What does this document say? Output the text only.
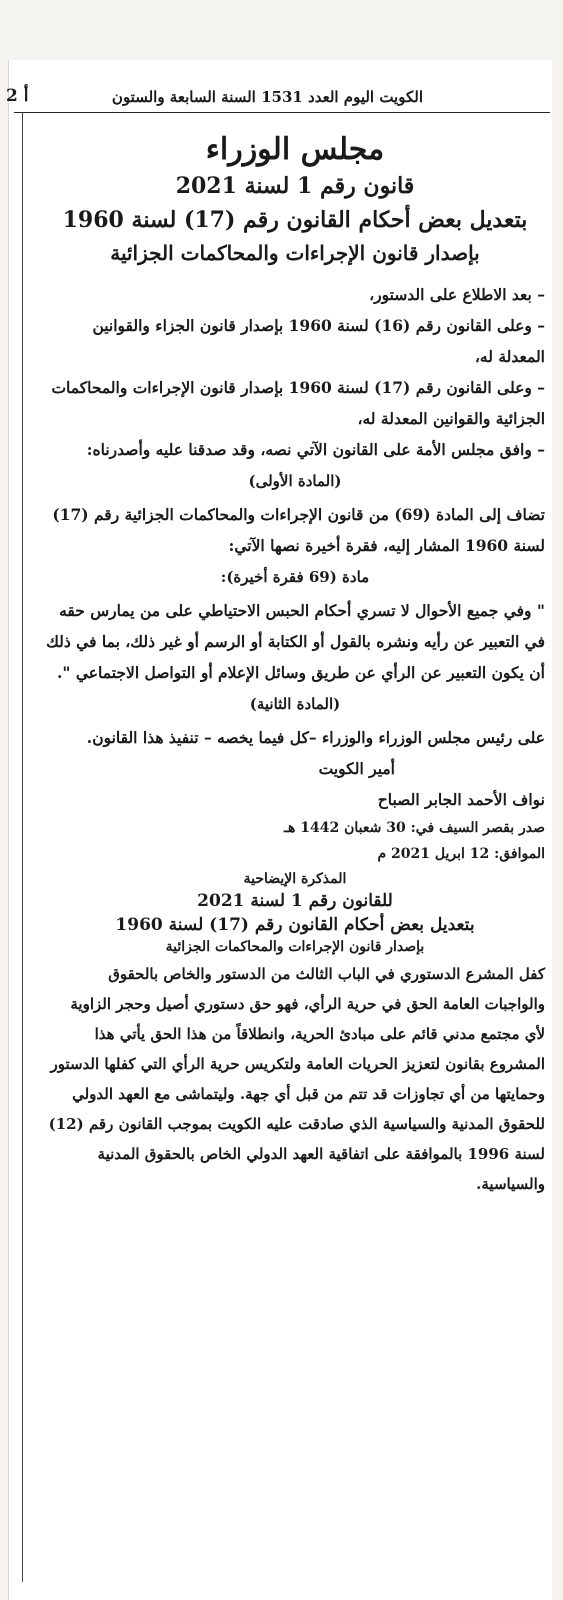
الكويت اليوم العدد 1531 السنة السابعة والستون
أ 2
مجلس الوزراء
قانون رقم 1 لسنة 2021
بتعديل بعض أحكام القانون رقم (17) لسنة 1960
بإصدار قانون الإجراءات والمحاكمات الجزائية

– بعد الاطلاع على الدستور،

– وعلى القانون رقم (16) لسنة 1960 بإصدار قانون الجزاء والقوانين المعدلة له،

– وعلى القانون رقم (17) لسنة 1960 بإصدار قانون الإجراءات والمحاكمات الجزائية والقوانين المعدلة له،

– وافق مجلس الأمة على القانون الآتي نصه، وقد صدقنا عليه وأصدرناه:

(المادة الأولى)

تضاف إلى المادة (69) من قانون الإجراءات والمحاكمات الجزائية رقم (17) لسنة 1960 المشار إليه، فقرة أخيرة نصها الآتي:

مادة (69 فقرة أخيرة):

" وفي جميع الأحوال لا تسري أحكام الحبس الاحتياطي على من يمارس حقه في التعبير عن رأيه ونشره بالقول أو الكتابة أو الرسم أو غير ذلك، بما في ذلك أن يكون التعبير عن الرأي عن طريق وسائل الإعلام أو التواصل الاجتماعي ".

(المادة الثانية)

على رئيس مجلس الوزراء والوزراء –كل فيما يخصه – تنفيذ هذا القانون.

أمير الكويت

نواف الأحمد الجابر الصباح

صدر بقصر السيف في: 30 شعبان 1442 هـ

الموافق: 12 ابريل 2021 م

المذكرة الإيضاحية
للقانون رقم 1 لسنة 2021
بتعديل بعض أحكام القانون رقم (17) لسنة 1960
بإصدار قانون الإجراءات والمحاكمات الجزائية

كفل المشرع الدستوري في الباب الثالث من الدستور والخاص بالحقوق والواجبات العامة الحق في حرية الرأي، فهو حق دستوري أصيل وحجر الزاوية لأي مجتمع مدني قائم على مبادئ الحرية، وانطلاقاً من هذا الحق يأتي هذا المشروع بقانون لتعزيز الحريات العامة ولتكريس حرية الرأي التي كفلها الدستور وحمايتها من أي تجاوزات قد تتم من قبل أي جهة. وليتماشى مع العهد الدولي للحقوق المدنية والسياسية الذي صادقت عليه الكويت بموجب القانون رقم (12) لسنة 1996 بالموافقة على اتفاقية العهد الدولي الخاص بالحقوق المدنية والسياسية.
